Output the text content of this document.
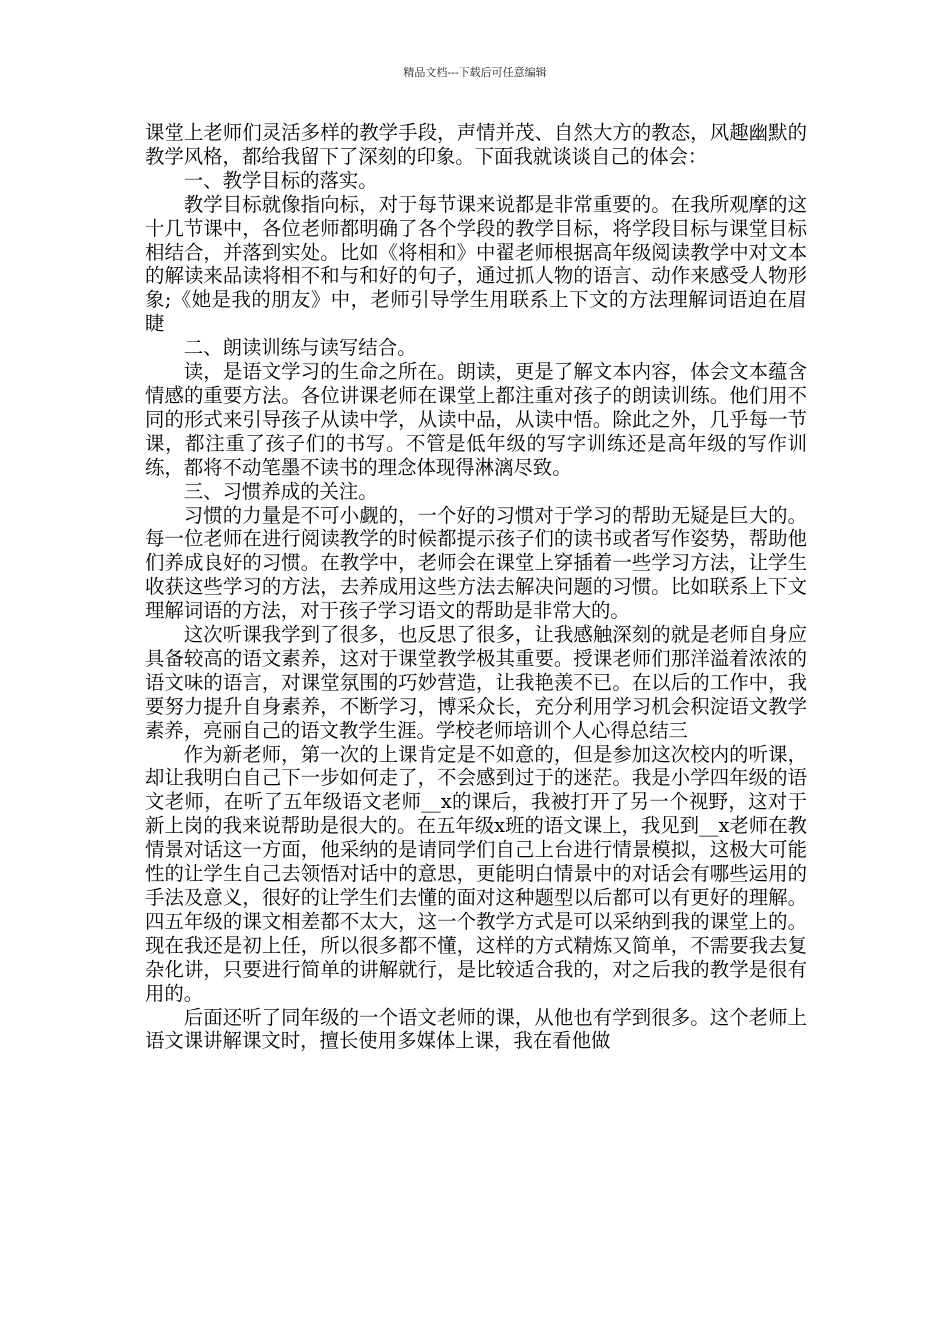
精品文档---下载后可任意编辑

课堂上老师们灵活多样的教学手段，声情并茂、自然大方的教态，风趣幽默的教学风格，都给我留下了深刻的印象。下面我就谈谈自己的体会：

一、教学目标的落实。

教学目标就像指向标，对于每节课来说都是非常重要的。在我所观摩的这十几节课中，各位老师都明确了各个学段的教学目标，将学段目标与课堂目标相结合，并落到实处。比如《将相和》中翟老师根据高年级阅读教学中对文本的解读来品读将相不和与和好的句子，通过抓人物的语言、动作来感受人物形象;《她是我的朋友》中，老师引导学生用联系上下文的方法理解词语迫在眉睫

二、朗读训练与读写结合。

读，是语文学习的生命之所在。朗读，更是了解文本内容，体会文本蕴含情感的重要方法。各位讲课老师在课堂上都注重对孩子的朗读训练。他们用不同的形式来引导孩子从读中学，从读中品，从读中悟。除此之外，几乎每一节课，都注重了孩子们的书写。不管是低年级的写字训练还是高年级的写作训练，都将不动笔墨不读书的理念体现得淋漓尽致。

三、习惯养成的关注。

习惯的力量是不可小觑的，一个好的习惯对于学习的帮助无疑是巨大的。每一位老师在进行阅读教学的时候都提示孩子们的读书或者写作姿势，帮助他们养成良好的习惯。在教学中，老师会在课堂上穿插着一些学习方法，让学生收获这些学习的方法，去养成用这些方法去解决问题的习惯。比如联系上下文理解词语的方法，对于孩子学习语文的帮助是非常大的。

这次听课我学到了很多，也反思了很多，让我感触深刻的就是老师自身应具备较高的语文素养，这对于课堂教学极其重要。授课老师们那洋溢着浓浓的语文味的语言，对课堂氛围的巧妙营造，让我艳羡不已。在以后的工作中，我要努力提升自身素养，不断学习，博采众长，充分利用学习机会积淀语文教学素养，亮丽自己的语文教学生涯。学校老师培训个人心得总结三

作为新老师，第一次的上课肯定是不如意的，但是参加这次校内的听课，却让我明白自己下一步如何走了，不会感到过于的迷茫。我是小学四年级的语文老师，在听了五年级语文老师__x的课后，我被打开了另一个视野，这对于新上岗的我来说帮助是很大的。在五年级x班的语文课上，我见到__x老师在教情景对话这一方面，他采纳的是请同学们自己上台进行情景模拟，这极大可能性的让学生自己去领悟对话中的意思，更能明白情景中的对话会有哪些运用的手法及意义，很好的让学生们去懂的面对这种题型以后都可以有更好的理解。四五年级的课文相差都不太大，这一个教学方式是可以采纳到我的课堂上的。现在我还是初上任，所以很多都不懂，这样的方式精炼又简单，不需要我去复杂化讲，只要进行简单的讲解就行，是比较适合我的，对之后我的教学是很有用的。

后面还听了同年级的一个语文老师的课，从他也有学到很多。这个老师上语文课讲解课文时，擅长使用多媒体上课，我在看他做
